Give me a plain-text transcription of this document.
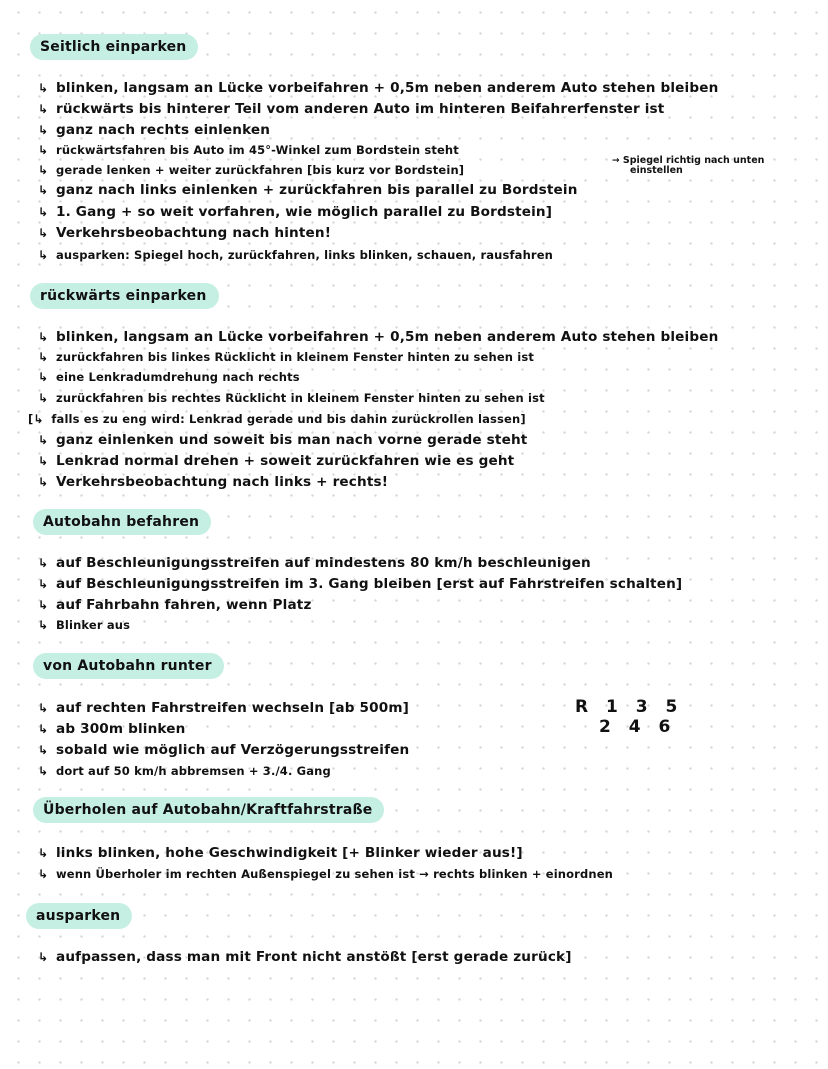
Seitlich einparken
↳ blinken, langsam an Lücke vorbeifahren + 0,5m neben anderem Auto stehen bleiben
↳ rückwärts bis hinterer Teil vom anderen Auto im hinteren Beifahrerfenster ist
↳ ganz nach rechts einlenken
↳ rückwärtsfahren bis Auto im 45°-Winkel zum Bordstein steht
↳ gerade lenken + weiter zurückfahren [bis kurz vor Bordstein]
→ Spiegel richtig nach unten
einstellen
↳ ganz nach links einlenken + zurückfahren bis parallel zu Bordstein
↳ 1. Gang + so weit vorfahren, wie möglich parallel zu Bordstein]
↳ Verkehrsbeobachtung nach hinten!
↳ ausparken: Spiegel hoch, zurückfahren, links blinken, schauen, rausfahren
rückwärts einparken
↳ blinken, langsam an Lücke vorbeifahren + 0,5m neben anderem Auto stehen bleiben
↳ zurückfahren bis linkes Rücklicht in kleinem Fenster hinten zu sehen ist
↳ eine Lenkradumdrehung nach rechts
↳ zurückfahren bis rechtes Rücklicht in kleinem Fenster hinten zu sehen ist
[↳ falls es zu eng wird: Lenkrad gerade und bis dahin zurückrollen lassen]
↳ ganz einlenken und soweit bis man nach vorne gerade steht
↳ Lenkrad normal drehen + soweit zurückfahren wie es geht
↳ Verkehrsbeobachtung nach links + rechts!
Autobahn befahren
↳ auf Beschleunigungsstreifen auf mindestens 80 km/h beschleunigen
↳ auf Beschleunigungsstreifen im 3. Gang bleiben [erst auf Fahrstreifen schalten]
↳ auf Fahrbahn fahren, wenn Platz
↳ Blinker aus
von Autobahn runter
↳ auf rechten Fahrstreifen wechseln [ab 500m]
↳ ab 300m blinken
↳ sobald wie möglich auf Verzögerungsstreifen
↳ dort auf 50 km/h abbremsen + 3./4. Gang
R 1 3 5
2 4 6
Überholen auf Autobahn/Kraftfahrstraße
↳ links blinken, hohe Geschwindigkeit [+ Blinker wieder aus!]
↳ wenn Überholer im rechten Außenspiegel zu sehen ist → rechts blinken + einordnen
ausparken
↳ aufpassen, dass man mit Front nicht anstößt [erst gerade zurück]
